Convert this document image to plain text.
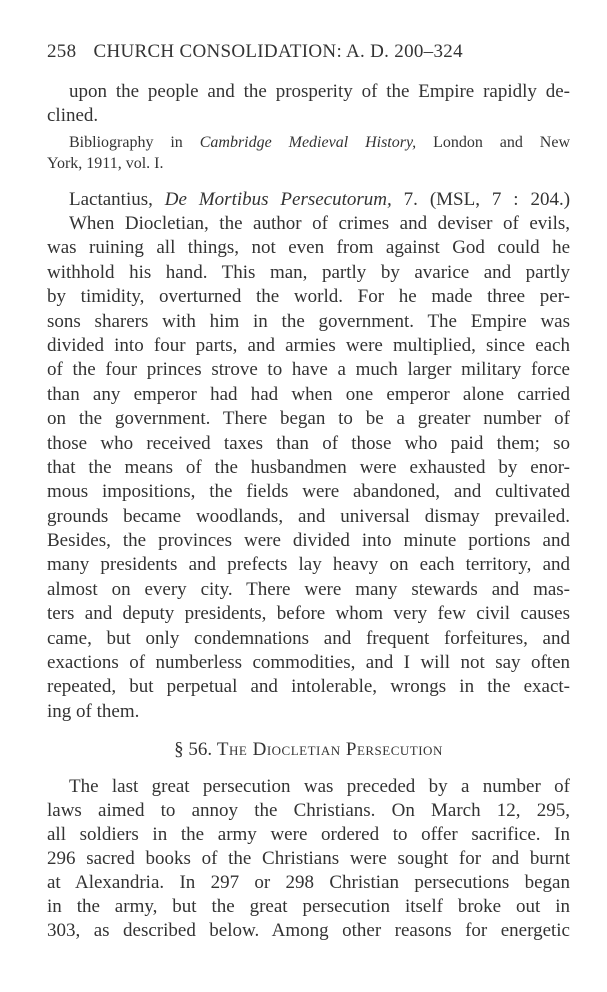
258 CHURCH CONSOLIDATION: A. D. 200–324
upon the people and the prosperity of the Empire rapidly de-
clined.
Bibliography in Cambridge Medieval History, London and New
York, 1911, vol. I.
Lactantius, De Mortibus Persecutorum, 7. (MSL, 7 : 204.)
When Diocletian, the author of crimes and deviser of evils,
was ruining all things, not even from against God could he
withhold his hand. This man, partly by avarice and partly
by timidity, overturned the world. For he made three per-
sons sharers with him in the government. The Empire was
divided into four parts, and armies were multiplied, since each
of the four princes strove to have a much larger military force
than any emperor had had when one emperor alone carried
on the government. There began to be a greater number of
those who received taxes than of those who paid them; so
that the means of the husbandmen were exhausted by enor-
mous impositions, the fields were abandoned, and cultivated
grounds became woodlands, and universal dismay prevailed.
Besides, the provinces were divided into minute portions and
many presidents and prefects lay heavy on each territory, and
almost on every city. There were many stewards and mas-
ters and deputy presidents, before whom very few civil causes
came, but only condemnations and frequent forfeitures, and
exactions of numberless commodities, and I will not say often
repeated, but perpetual and intolerable, wrongs in the exact-
ing of them.
§ 56. The Diocletian Persecution
The last great persecution was preceded by a number of
laws aimed to annoy the Christians. On March 12, 295,
all soldiers in the army were ordered to offer sacrifice. In
296 sacred books of the Christians were sought for and burnt
at Alexandria. In 297 or 298 Christian persecutions began
in the army, but the great persecution itself broke out in
303, as described below. Among other reasons for energetic
